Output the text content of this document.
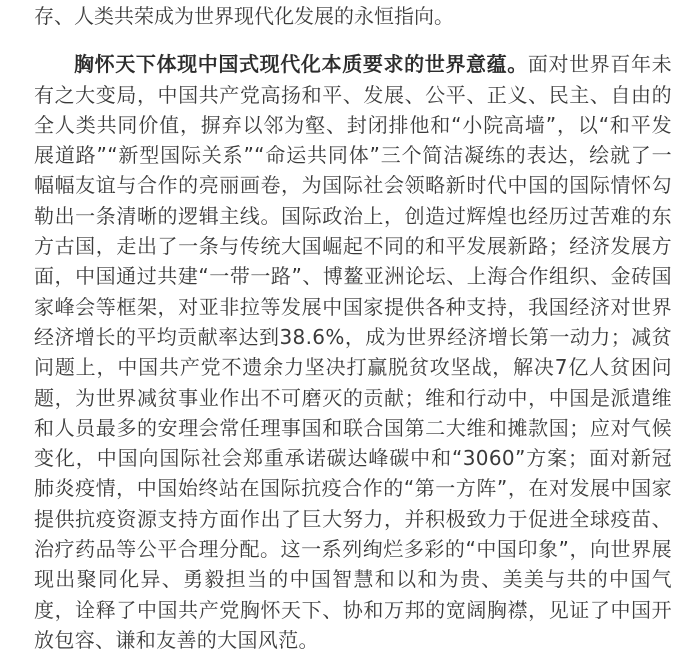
存、人类共荣成为世界现代化发展的永恒指向。

胸怀天下体现中国式现代化本质要求的世界意蕴。面对世界百年未有之大变局，中国共产党高扬和平、发展、公平、正义、民主、自由的全人类共同价值，摒弃以邻为壑、封闭排他和“小院高墙”，以“和平发展道路”“新型国际关系”“命运共同体”三个简洁凝练的表达，绘就了一幅幅友谊与合作的亮丽画卷，为国际社会领略新时代中国的国际情怀勾勒出一条清晰的逻辑主线。国际政治上，创造过辉煌也经历过苦难的东方古国，走出了一条与传统大国崛起不同的和平发展新路；经济发展方面，中国通过共建“一带一路”、博鳌亚洲论坛、上海合作组织、金砖国家峰会等框架，对亚非拉等发展中国家提供各种支持，我国经济对世界经济增长的平均贡献率达到38.6%，成为世界经济增长第一动力；减贫问题上，中国共产党不遗余力坚决打赢脱贫攻坚战，解决7亿人贫困问题，为世界减贫事业作出不可磨灭的贡献；维和行动中，中国是派遣维和人员最多的安理会常任理事国和联合国第二大维和摊款国；应对气候变化，中国向国际社会郑重承诺碳达峰碳中和“3060”方案；面对新冠肺炎疫情，中国始终站在国际抗疫合作的“第一方阵”，在对发展中国家提供抗疫资源支持方面作出了巨大努力，并积极致力于促进全球疫苗、治疗药品等公平合理分配。这一系列绚烂多彩的“中国印象”，向世界展现出聚同化异、勇毅担当的中国智慧和以和为贵、美美与共的中国气度，诠释了中国共产党胸怀天下、协和万邦的宽阔胸襟，见证了中国开放包容、谦和友善的大国风范。
